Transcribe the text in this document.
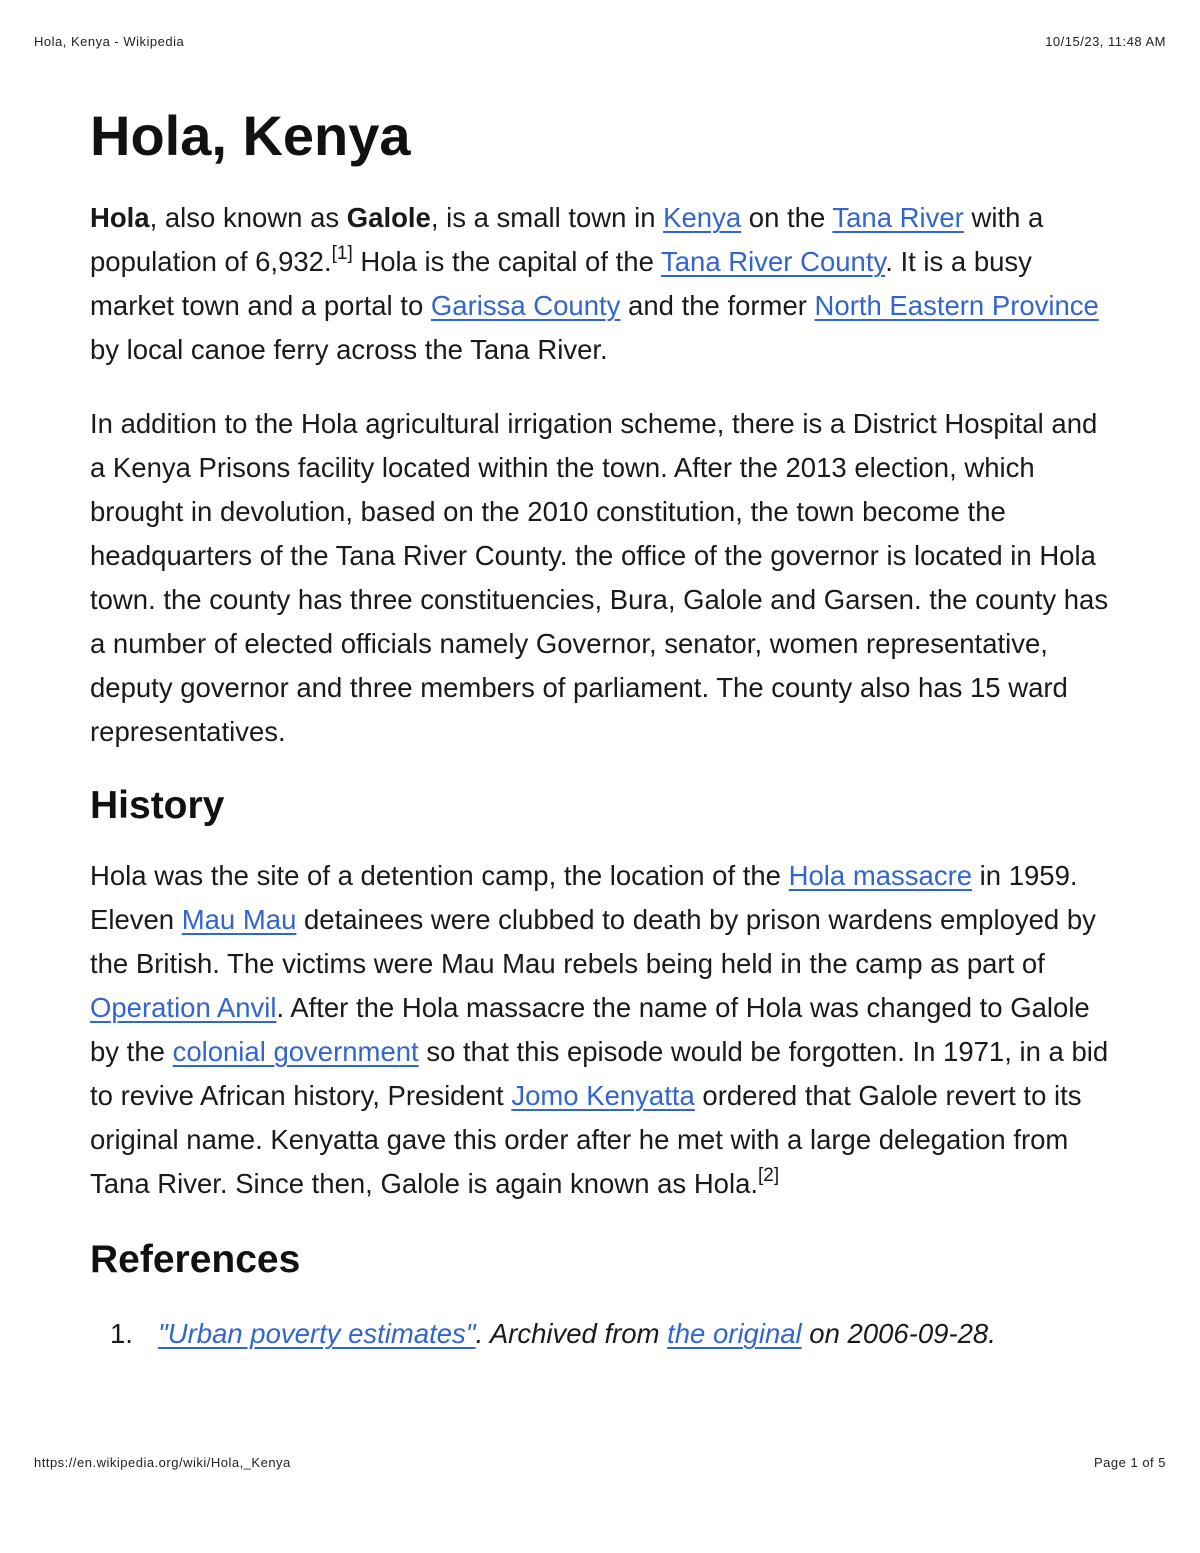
Hola, Kenya - Wikipedia	10/15/23, 11:48 AM
Hola, Kenya

Hola, also known as Galole, is a small town in Kenya on the Tana River with a population of 6,932.[1] Hola is the capital of the Tana River County. It is a busy market town and a portal to Garissa County and the former North Eastern Province by local canoe ferry across the Tana River.

In addition to the Hola agricultural irrigation scheme, there is a District Hospital and a Kenya Prisons facility located within the town. After the 2013 election, which brought in devolution, based on the 2010 constitution, the town become the headquarters of the Tana River County. the office of the governor is located in Hola town. the county has three constituencies, Bura, Galole and Garsen. the county has a number of elected officials namely Governor, senator, women representative, deputy governor and three members of parliament. The county also has 15 ward representatives.

History

Hola was the site of a detention camp, the location of the Hola massacre in 1959. Eleven Mau Mau detainees were clubbed to death by prison wardens employed by the British. The victims were Mau Mau rebels being held in the camp as part of Operation Anvil. After the Hola massacre the name of Hola was changed to Galole by the colonial government so that this episode would be forgotten. In 1971, in a bid to revive African history, President Jomo Kenyatta ordered that Galole revert to its original name. Kenyatta gave this order after he met with a large delegation from Tana River. Since then, Galole is again known as Hola.[2]

References
1. "Urban poverty estimates". Archived from the original on 2006-09-28.
https://en.wikipedia.org/wiki/Hola,_Kenya	Page 1 of 5
